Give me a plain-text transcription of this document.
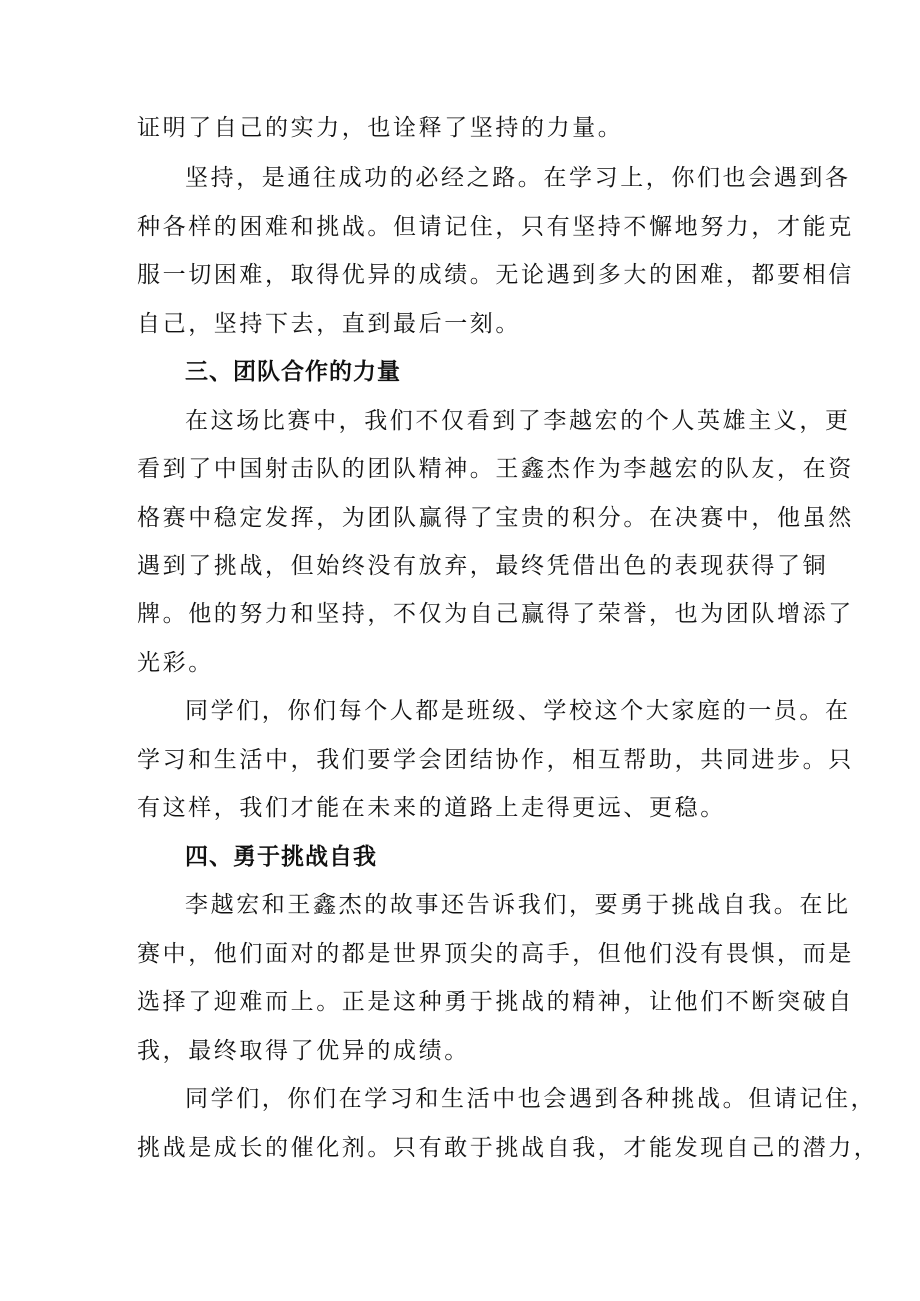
证明了自己的实力，也诠释了坚持的力量。

坚持，是通往成功的必经之路。在学习上，你们也会遇到各

种各样的困难和挑战。但请记住，只有坚持不懈地努力，才能克

服一切困难，取得优异的成绩。无论遇到多大的困难，都要相信

自己，坚持下去，直到最后一刻。

三、团队合作的力量

在这场比赛中，我们不仅看到了李越宏的个人英雄主义，更

看到了中国射击队的团队精神。王鑫杰作为李越宏的队友，在资

格赛中稳定发挥，为团队赢得了宝贵的积分。在决赛中，他虽然

遇到了挑战，但始终没有放弃，最终凭借出色的表现获得了铜

牌。他的努力和坚持，不仅为自己赢得了荣誉，也为团队增添了

光彩。

同学们，你们每个人都是班级、学校这个大家庭的一员。在

学习和生活中，我们要学会团结协作，相互帮助，共同进步。只

有这样，我们才能在未来的道路上走得更远、更稳。

四、勇于挑战自我

李越宏和王鑫杰的故事还告诉我们，要勇于挑战自我。在比

赛中，他们面对的都是世界顶尖的高手，但他们没有畏惧，而是

选择了迎难而上。正是这种勇于挑战的精神，让他们不断突破自

我，最终取得了优异的成绩。

同学们，你们在学习和生活中也会遇到各种挑战。但请记住，

挑战是成长的催化剂。只有敢于挑战自我，才能发现自己的潜力，
